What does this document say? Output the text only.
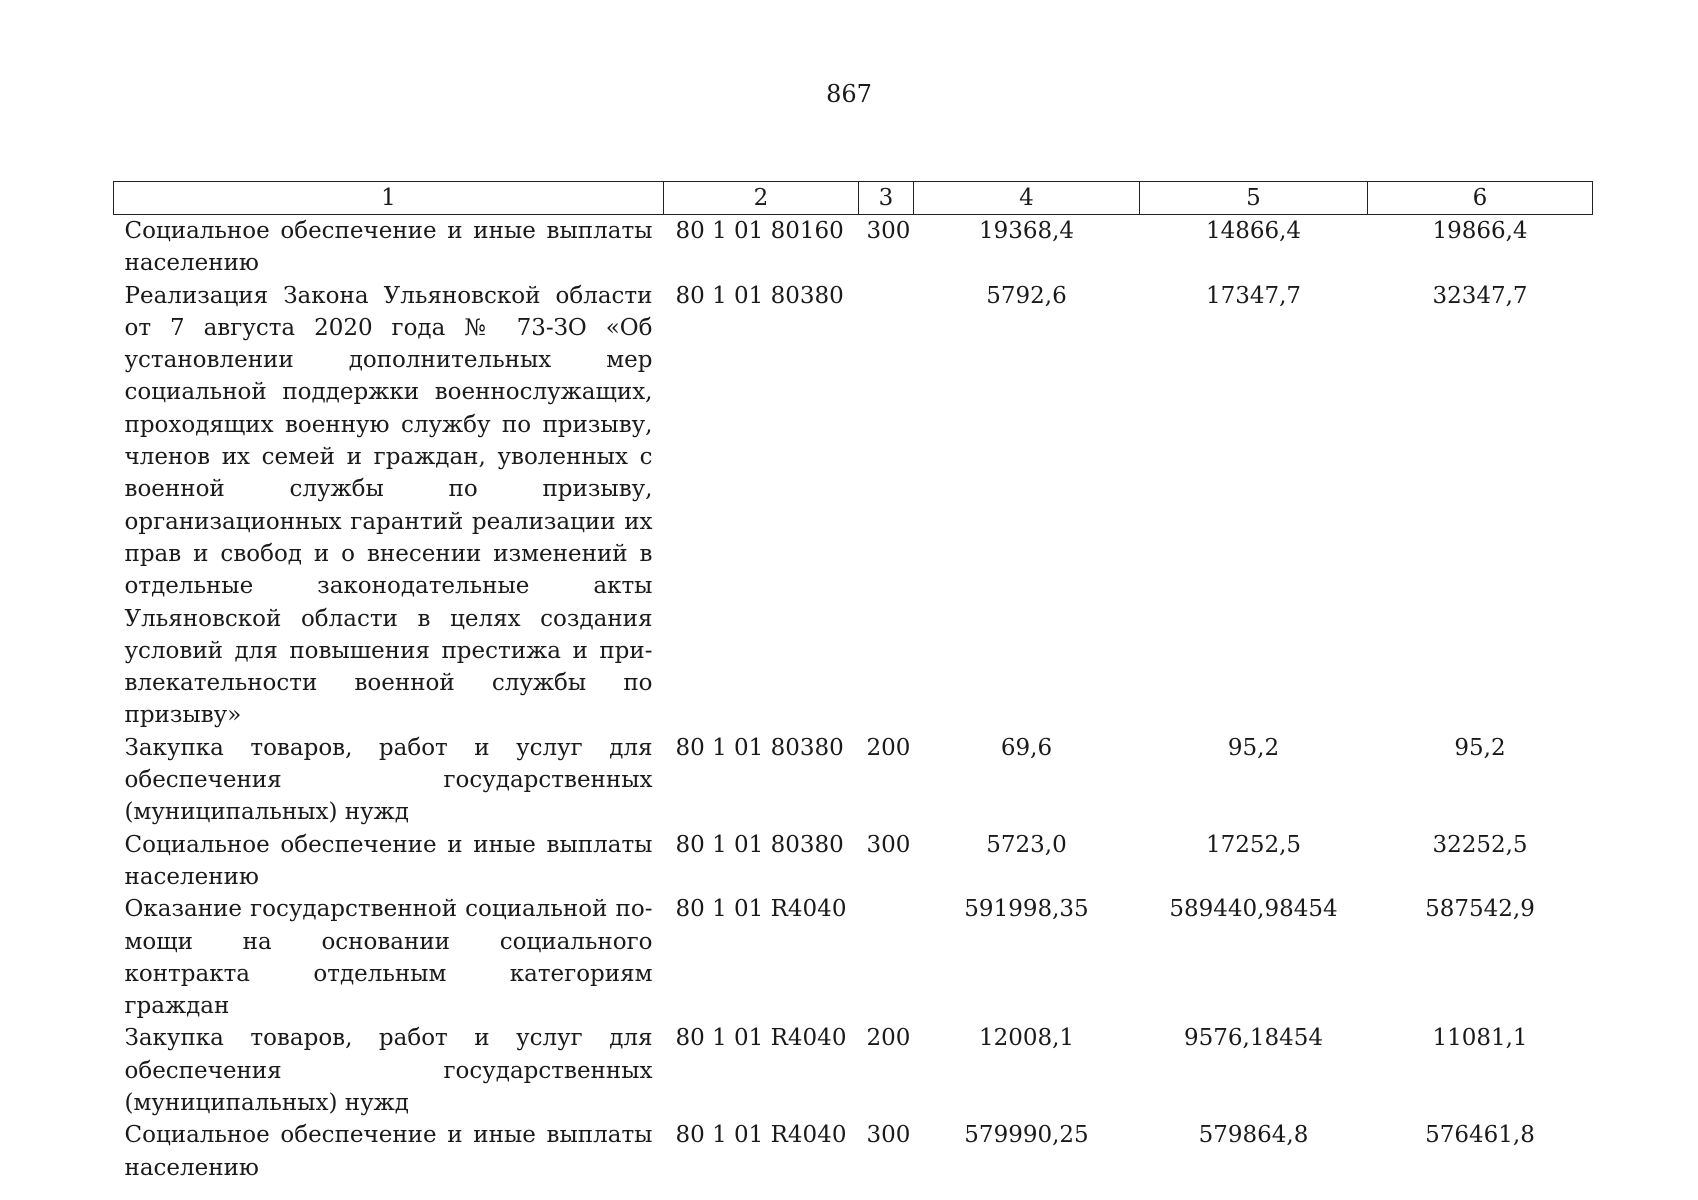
867
1	2	3	4	5	6
Социальное обеспечение и иные выплаты населению	80 1 01 80160	300	19368,4	14866,4	19866,4
Реализация Закона Ульяновской области от 7 августа 2020 года № 73-ЗО «Об установлении дополнительных мер социальной поддержки военнослужащих, проходящих военную службу по призыву, членов их семей и граждан, уволенных с военной службы по призыву, организационных гарантий реализации их прав и свобод и о внесении изменений в отдельные законодательные акты Ульяновской области в целях создания условий для повышения престижа и привлекательности военной службы по призыву»	80 1 01 80380		5792,6	17347,7	32347,7
Закупка товаров, работ и услуг для обеспечения государственных (муниципальных) нужд	80 1 01 80380	200	69,6	95,2	95,2
Социальное обеспечение и иные выплаты населению	80 1 01 80380	300	5723,0	17252,5	32252,5
Оказание государственной социальной помощи на основании социального контракта отдельным категориям граждан	80 1 01 R4040		591998,35	589440,98454	587542,9
Закупка товаров, работ и услуг для обеспечения государственных (муниципальных) нужд	80 1 01 R4040	200	12008,1	9576,18454	11081,1
Социальное обеспечение и иные выплаты населению	80 1 01 R4040	300	579990,25	579864,8	576461,8
